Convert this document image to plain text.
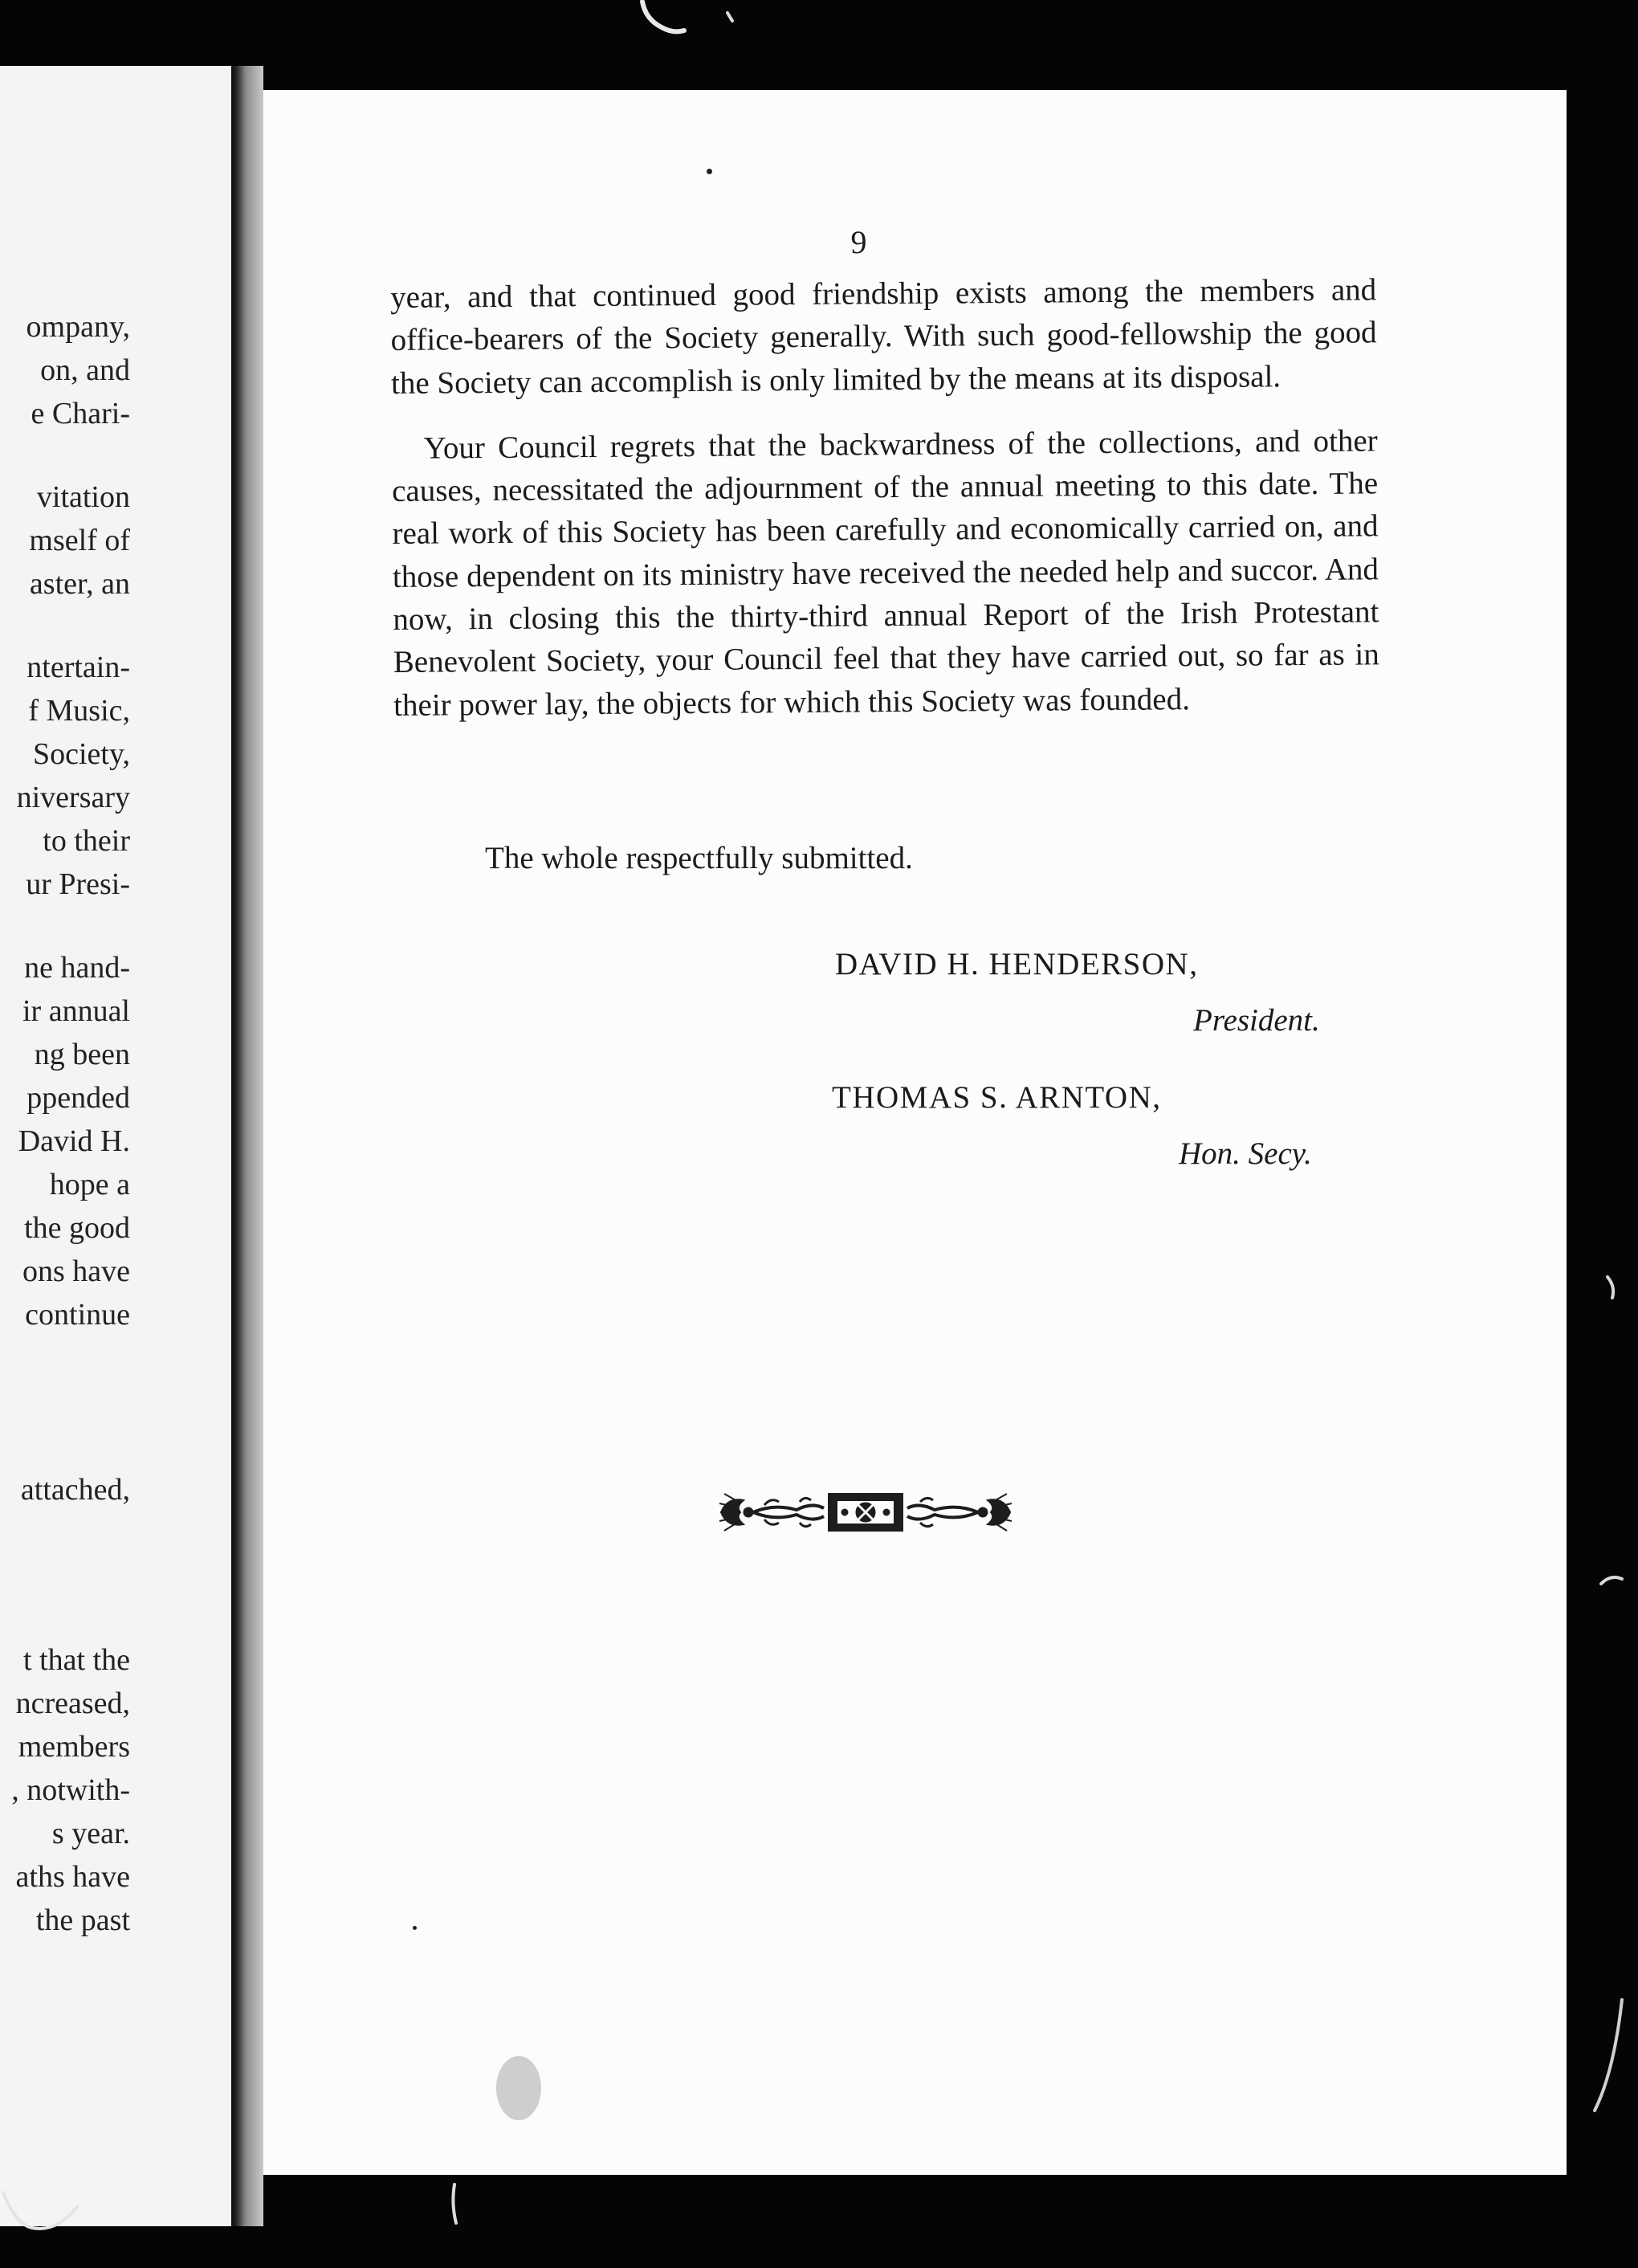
ompany,
on, and
e Chari-
vitation
mself of
aster, an
ntertain-
f Music,
Society,
niversary
to their
ur Presi-
ne hand-
ir annual
ng been
ppended
David H.
hope a
the good
ons have
continue
attached,
t that the
ncreased,
members
, notwith-
s year.
aths have
the past
9

year, and that continued good friendship exists among the members and office-bearers of the Society generally. With such good-fellowship the good the Society can accomplish is only limited by the means at its disposal.

Your Council regrets that the backwardness of the collections, and other causes, necessitated the adjournment of the annual meeting to this date. The real work of this Society has been carefully and economically carried on, and those dependent on its ministry have received the needed help and succor. And now, in closing this the thirty-third annual Report of the Irish Protestant Benevolent Society, your Council feel that they have carried out, so far as in their power lay, the objects for which this Society was founded.

The whole respectfully submitted.
DAVID H. HENDERSON,
President.
THOMAS S. ARNTON,
Hon. Secy.
